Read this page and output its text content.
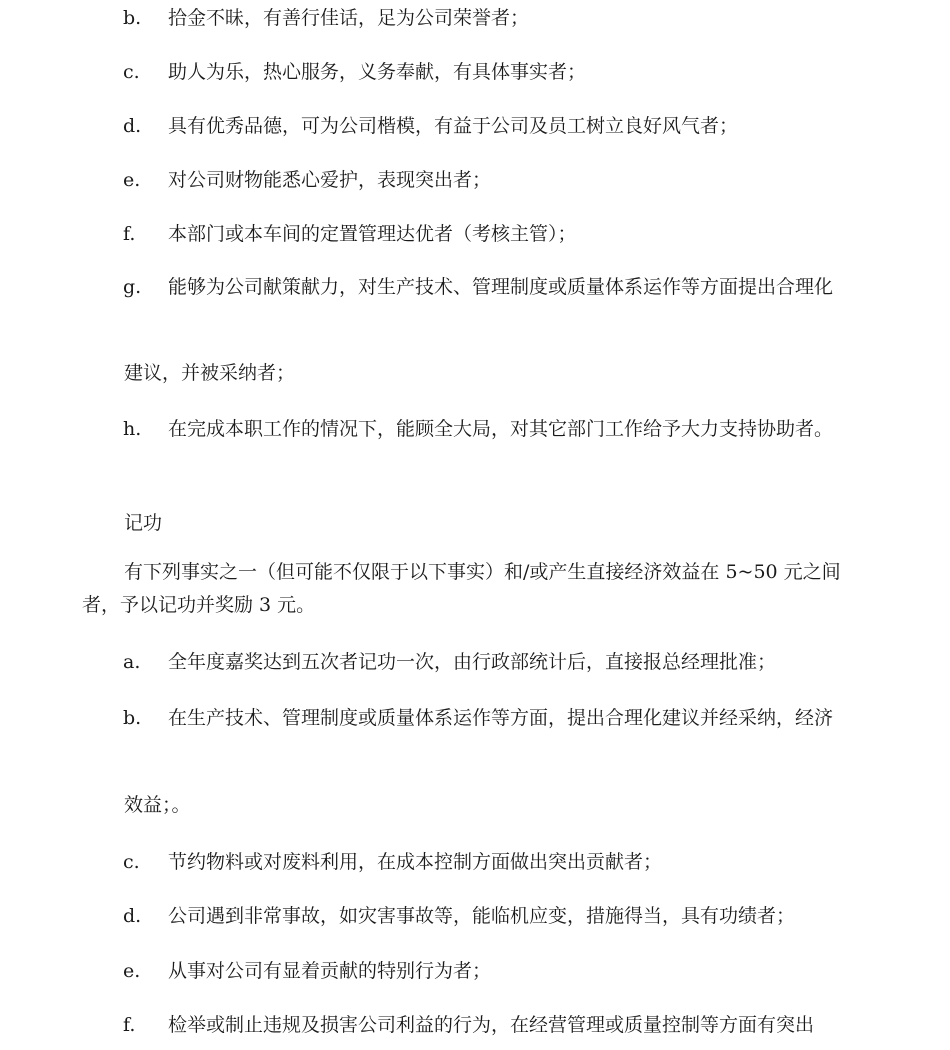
b.	拾金不昧，有善行佳话，足为公司荣誉者；
c.	助人为乐，热心服务，义务奉献，有具体事实者；
d.	具有优秀品德，可为公司楷模，有益于公司及员工树立良好风气者；
e.	对公司财物能悉心爱护，表现突出者；
f.	本部门或本车间的定置管理达优者（考核主管）；
g.	能够为公司献策献力，对生产技术、管理制度或质量体系运作等方面提出合理化
建议，并被采纳者；
h.	在完成本职工作的情况下，能顾全大局，对其它部门工作给予大力支持协助者。
记功
有下列事实之一（但可能不仅限于以下事实）和/或产生直接经济效益在 5~50 元之间者，予以记功并奖励 3 元。
a.	全年度嘉奖达到五次者记功一次，由行政部统计后，直接报总经理批准；
b.	在生产技术、管理制度或质量体系运作等方面，提出合理化建议并经采纳，经济
效益；。
c.	节约物料或对废料利用，在成本控制方面做出突出贡献者；
d.	公司遇到非常事故，如灾害事故等，能临机应变，措施得当，具有功绩者；
e.	从事对公司有显着贡献的特别行为者；
f.	检举或制止违规及损害公司利益的行为，在经营管理或质量控制等方面有突出
